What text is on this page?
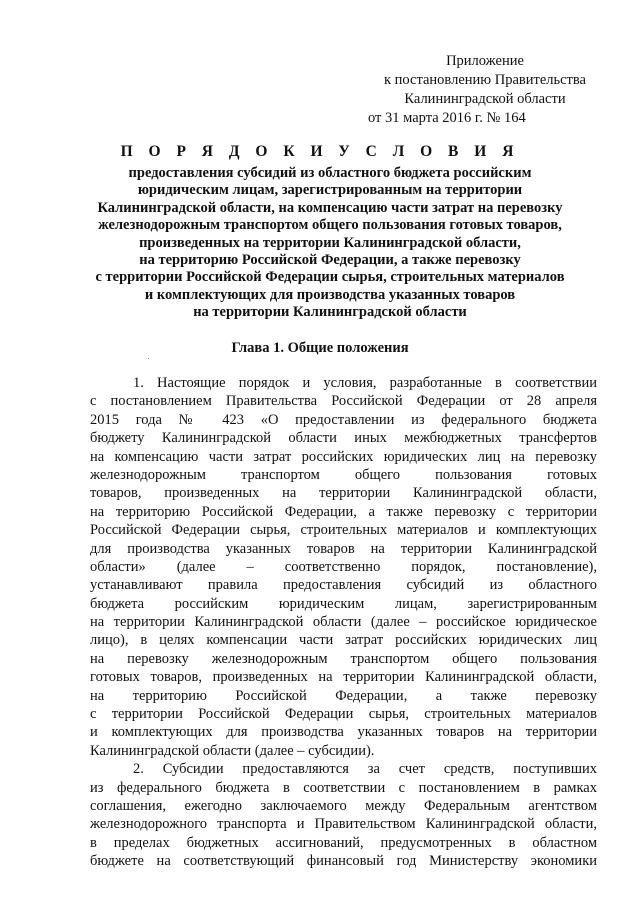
Приложение
к постановлению Правительства
Калининградской области
от 31 марта 2016 г. № 164
П О Р Я Д О К И У С Л О В И Я
предоставления субсидий из областного бюджета российским
юридическим лицам, зарегистрированным на территории
Калининградской области, на компенсацию части затрат на перевозку
железнодорожным транспортом общего пользования готовых товаров,
произведенных на территории Калининградской области,
на территорию Российской Федерации, а также перевозку
с территории Российской Федерации сырья, строительных материалов
и комплектующих для производства указанных товаров
на территории Калининградской области
Глава 1. Общие положения
1. Настоящие порядок и условия, разработанные в соответствии
с постановлением Правительства Российской Федерации от 28 апреля
2015 года № 423 «О предоставлении из федерального бюджета
бюджету Калининградской области иных межбюджетных трансфертов
на компенсацию части затрат российских юридических лиц на перевозку
железнодорожным транспортом общего пользования готовых
товаров, произведенных на территории Калининградской области,
на территорию Российской Федерации, а также перевозку с территории
Российской Федерации сырья, строительных материалов и комплектующих
для производства указанных товаров на территории Калининградской
области» (далее – соответственно порядок, постановление),
устанавливают правила предоставления субсидий из областного
бюджета российским юридическим лицам, зарегистрированным
на территории Калининградской области (далее – российское юридическое
лицо), в целях компенсации части затрат российских юридических лиц
на перевозку железнодорожным транспортом общего пользования
готовых товаров, произведенных на территории Калининградской области,
на территорию Российской Федерации, а также перевозку
с территории Российской Федерации сырья, строительных материалов
и комплектующих для производства указанных товаров на территории
Калининградской области (далее – субсидии).
2. Субсидии предоставляются за счет средств, поступивших
из федерального бюджета в соответствии с постановлением в рамках
соглашения, ежегодно заключаемого между Федеральным агентством
железнодорожного транспорта и Правительством Калининградской области,
в пределах бюджетных ассигнований, предусмотренных в областном
бюджете на соответствующий финансовый год Министерству экономики
